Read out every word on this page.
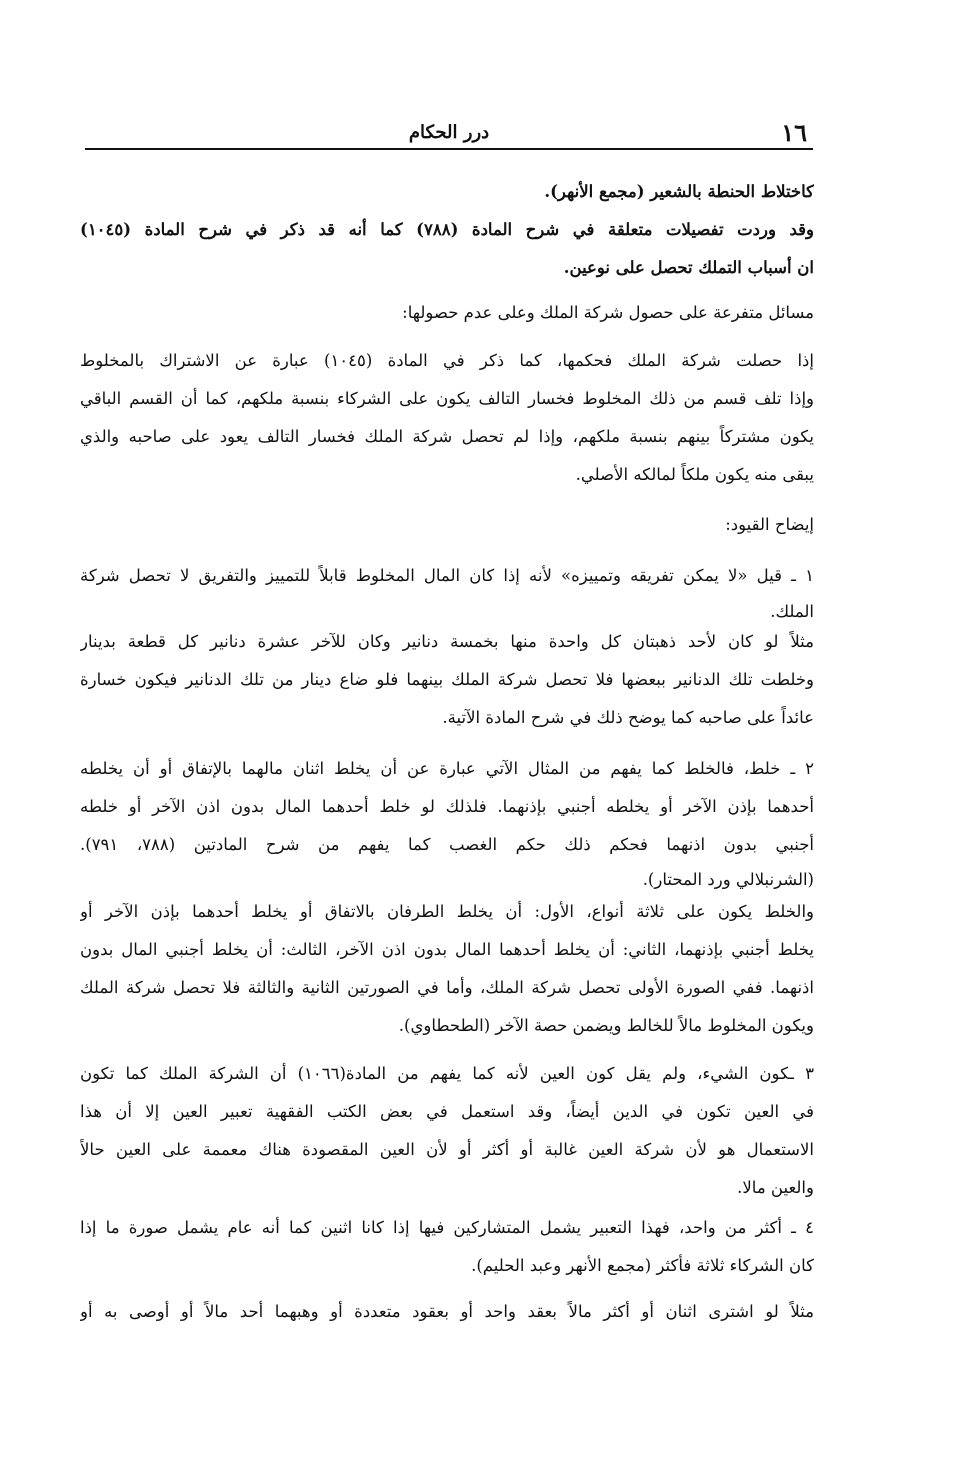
١٦
درر الحكام
كاختلاط الحنطة بالشعير (مجمع الأنهر).
وقد وردت تفصيلات متعلقة في شرح المادة (٧٨٨) كما أنه قد ذكر في شرح المادة (١٠٤٥)
ان أسباب التملك تحصل على نوعين.
مسائل متفرعة على حصول شركة الملك وعلى عدم حصولها:
إذا حصلت شركة الملك فحكمها، كما ذكر في المادة (١٠٤٥) عبارة عن الاشتراك بالمخلوط
وإذا تلف قسم من ذلك المخلوط فخسار التالف يكون على الشركاء بنسبة ملكهم، كما أن القسم الباقي
يكون مشتركاً بينهم بنسبة ملكهم، وإذا لم تحصل شركة الملك فخسار التالف يعود على صاحبه والذي
يبقى منه يكون ملكاً لمالكه الأصلي.
إيضاح القيود:
١ ـ قيل «لا يمكن تفريقه وتمييزه» لأنه إذا كان المال المخلوط قابلاً للتمييز والتفريق لا تحصل شركة
الملك.
مثلاً لو كان لأحد ذهبتان كل واحدة منها بخمسة دنانير وكان للآخر عشرة دنانير كل قطعة بدينار
وخلطت تلك الدنانير ببعضها فلا تحصل شركة الملك بينهما فلو ضاع دينار من تلك الدنانير فيكون خسارة
عائداً على صاحبه كما يوضح ذلك في شرح المادة الآتية.
٢ ـ خلط، فالخلط كما يفهم من المثال الآتي عبارة عن أن يخلط اثنان مالهما بالإتفاق أو أن يخلطه
أحدهما بإذن الآخر أو يخلطه أجنبي بإذنهما. فلذلك لو خلط أحدهما المال بدون اذن الآخر أو خلطه
أجنبي بدون اذنهما فحكم ذلك حكم الغصب كما يفهم من شرح المادتين (٧٨٨، ٧٩١).
(الشرنبلالي ورد المحتار).
والخلط يكون على ثلاثة أنواع، الأول: أن يخلط الطرفان بالاتفاق أو يخلط أحدهما بإذن الآخر أو
يخلط أجنبي بإذنهما، الثاني: أن يخلط أحدهما المال بدون اذن الآخر، الثالث: أن يخلط أجنبي المال بدون
اذنهما. ففي الصورة الأولى تحصل شركة الملك، وأما في الصورتين الثانية والثالثة فلا تحصل شركة الملك
ويكون المخلوط مالاً للخالط ويضمن حصة الآخر (الطحطاوي).
٣ ـكون الشيء، ولم يقل كون العين لأنه كما يفهم من المادة(١٠٦٦) أن الشركة الملك كما تكون
في العين تكون في الدين أيضاً، وقد استعمل في بعض الكتب الفقهية تعبير العين إلا أن هذا
الاستعمال هو لأن شركة العين غالبة أو أكثر أو لأن العين المقصودة هناك معممة على العين حالاً
والعين مالا.
٤ ـ أكثر من واحد، فهذا التعبير يشمل المتشاركين فيها إذا كانا اثنين كما أنه عام يشمل صورة ما إذا
كان الشركاء ثلاثة فأكثر (مجمع الأنهر وعبد الحليم).
مثلاً لو اشترى اثنان أو أكثر مالاً بعقد واحد أو بعقود متعددة أو وهبهما أحد مالاً أو أوصى به أو
